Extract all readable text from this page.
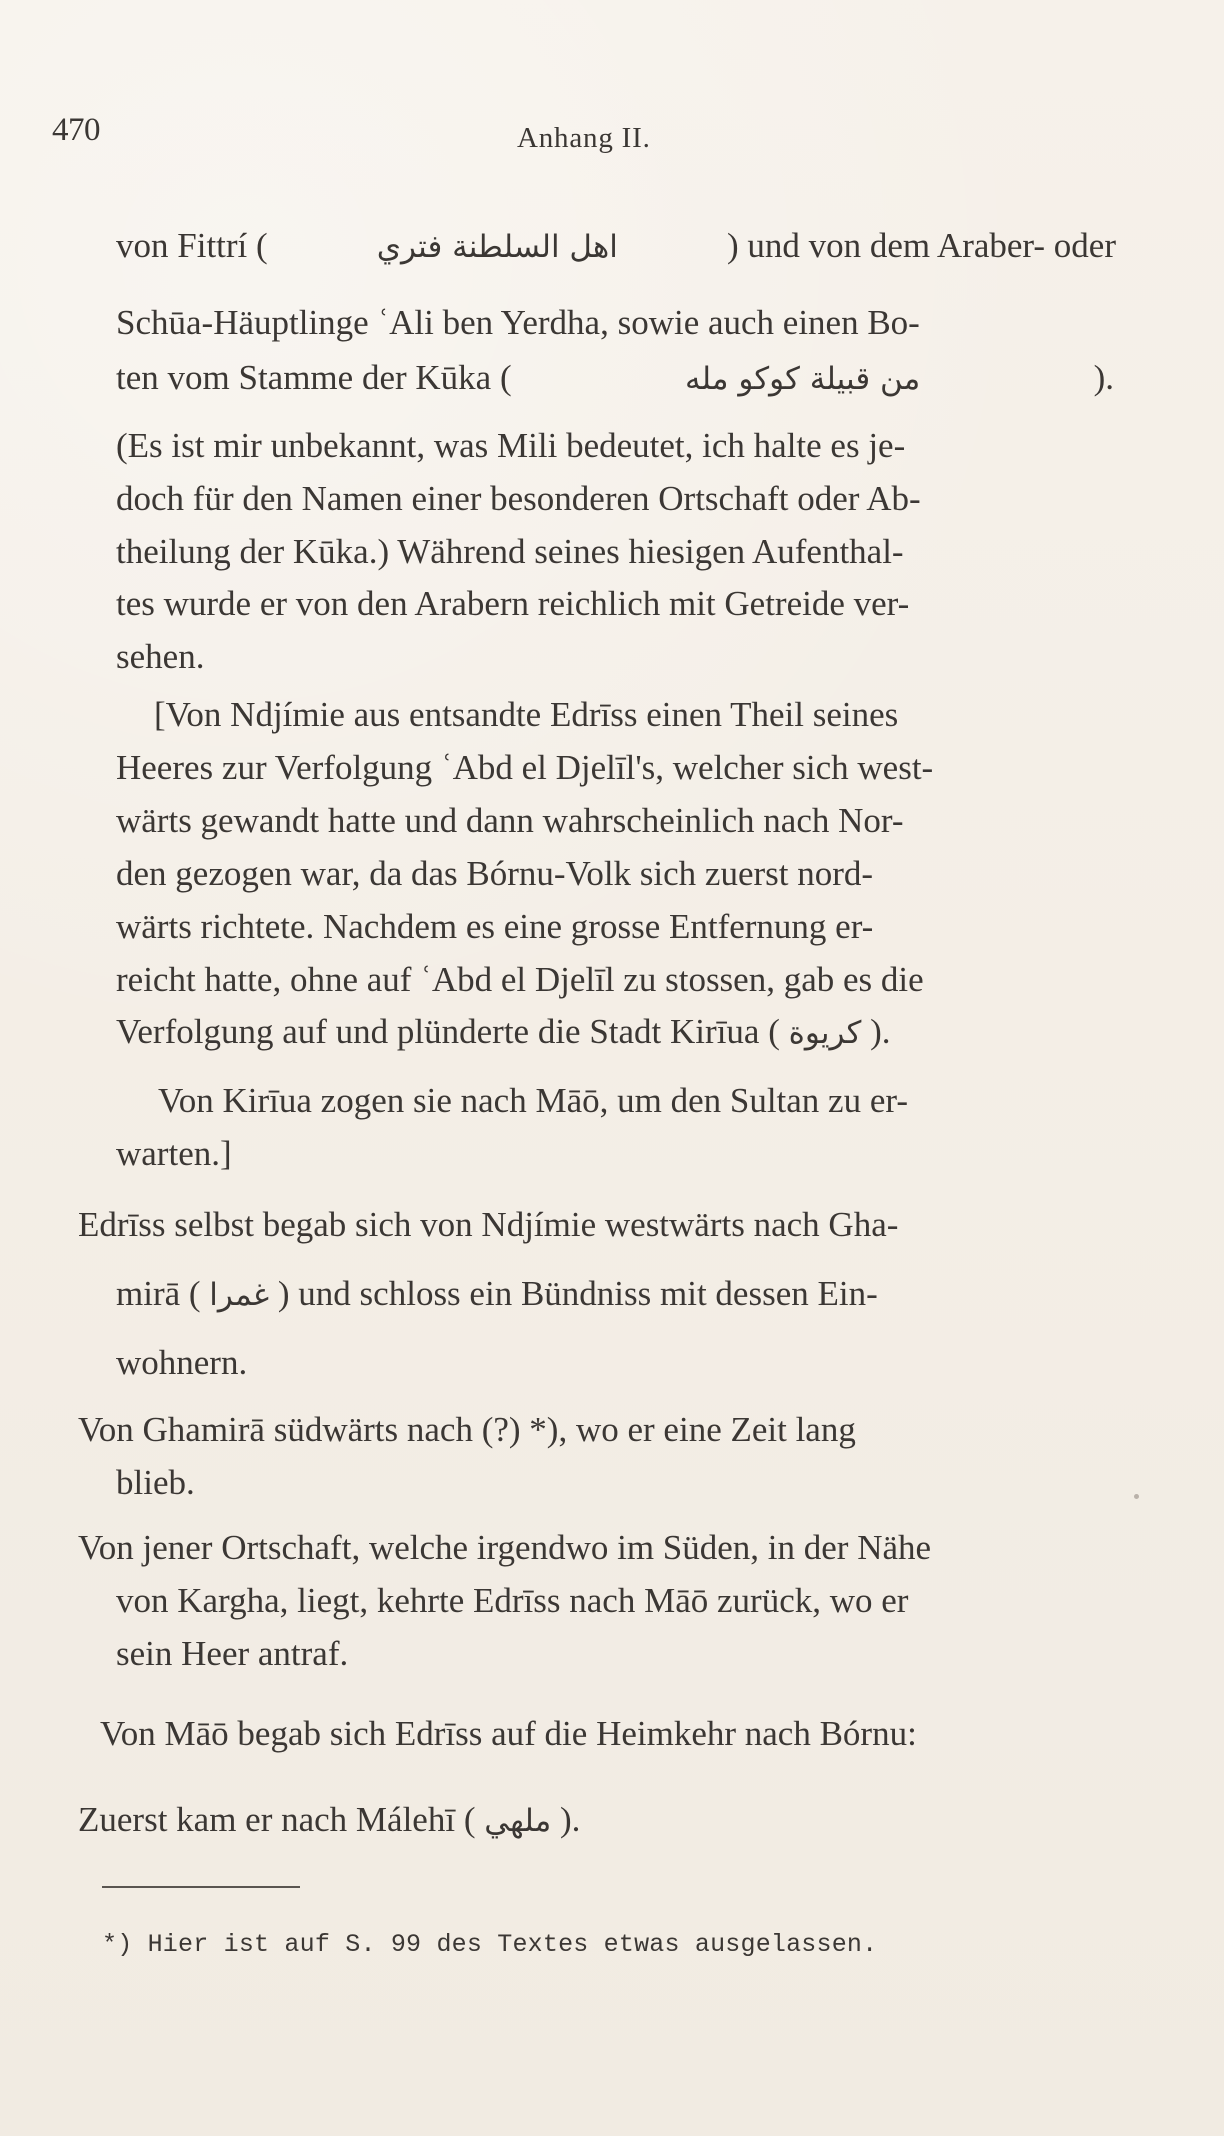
470	Anhang II.
von Fittrí (	اهل السلطنة فتري	) und von dem Araber- oder
Schūa-Häuptlinge ʿAli ben Yerdha, sowie auch einen Bo-
ten vom Stamme der Kūka (	من قبيلة كوكو مله	).
(Es ist mir unbekannt, was Mili bedeutet, ich halte es je-
doch für den Namen einer besonderen Ortschaft oder Ab-
theilung der Kūka.) Während seines hiesigen Aufenthal-
tes wurde er von den Arabern reichlich mit Getreide ver-
sehen.
[Von Ndjímie aus entsandte Edrīss einen Theil seines
Heeres zur Verfolgung ʿAbd el Djelīl's, welcher sich west-
wärts gewandt hatte und dann wahrscheinlich nach Nor-
den gezogen war, da das Bórnu-Volk sich zuerst nord-
wärts richtete. Nachdem es eine grosse Entfernung er-
reicht hatte, ohne auf ʿAbd el Djelīl zu stossen, gab es die
Verfolgung auf und plünderte die Stadt Kirīua ( كريوة ).
Von Kirīua zogen sie nach Māō, um den Sultan zu er-
warten.]
Edrīss selbst begab sich von Ndjímie westwärts nach Gha-
mirā ( غمرا ) und schloss ein Bündniss mit dessen Ein-
wohnern.
Von Ghamirā südwärts nach (?) *), wo er eine Zeit lang
blieb.
Von jener Ortschaft, welche irgendwo im Süden, in der Nähe
von Kargha, liegt, kehrte Edrīss nach Māō zurück, wo er
sein Heer antraf.
Von Māō begab sich Edrīss auf die Heimkehr nach Bórnu:
Zuerst kam er nach Málehī ( ملهي ).
*) Hier ist auf S. 99 des Textes etwas ausgelassen.
